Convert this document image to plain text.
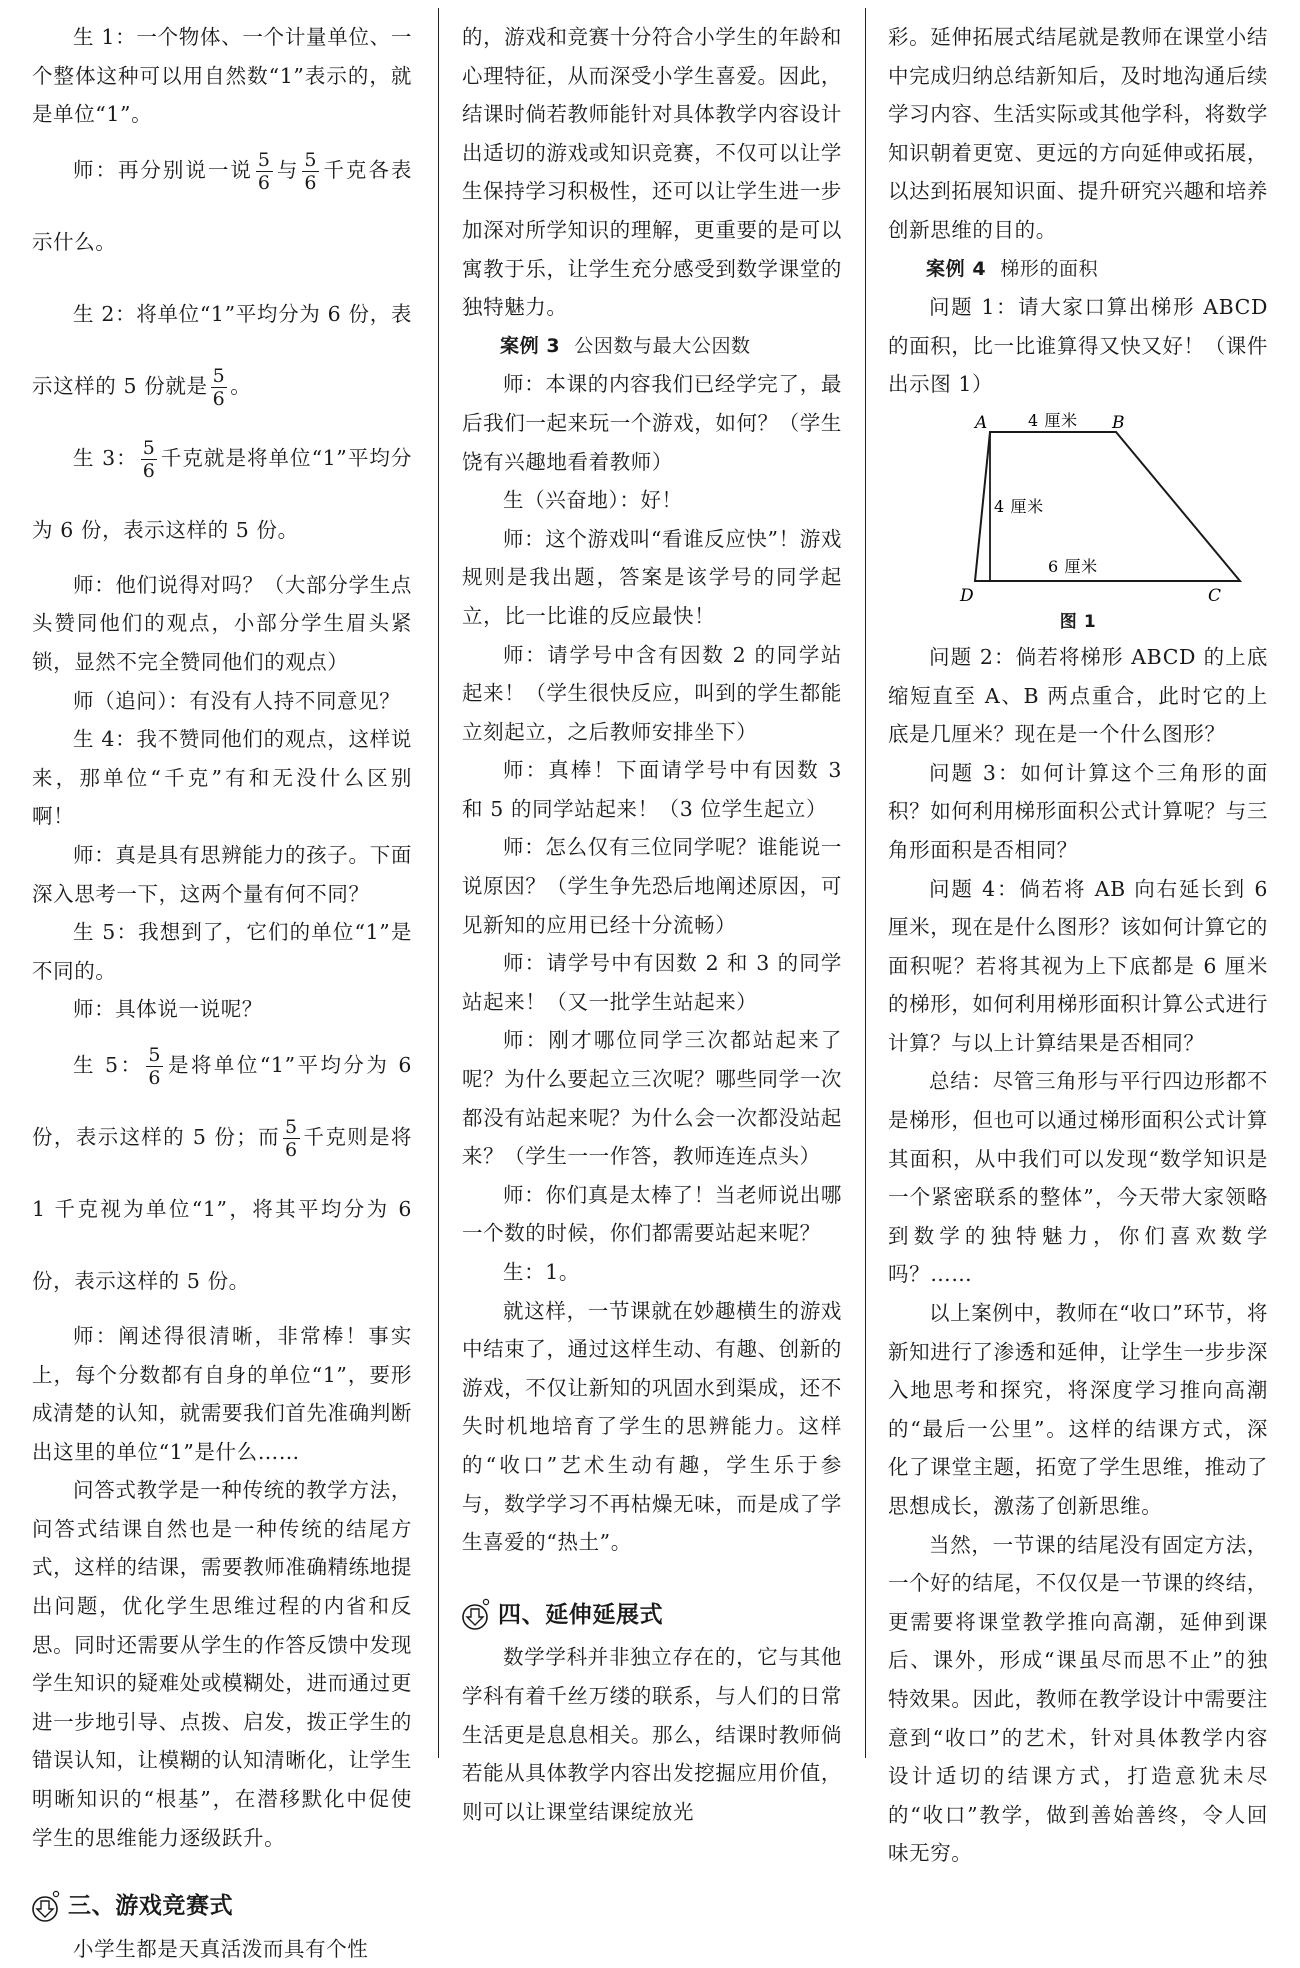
生 1：一个物体、一个计量单位、一个整体这种可以用自然数“1”表示的，就是单位“1”。

师：再分别说一说 $\frac{5}{6}$ 与 $\frac{5}{6}$ 千克各表示什么。

生 2：将单位“1”平均分为 6 份，表示这样的 5 份就是 $\frac{5}{6}$ 。

生 3： $\frac{5}{6}$ 千克就是将单位“1”平均分为 6 份，表示这样的 5 份。

师：他们说得对吗？（大部分学生点头赞同他们的观点，小部分学生眉头紧锁，显然不完全赞同他们的观点）

师（追问）：有没有人持不同意见？

生 4：我不赞同他们的观点，这样说来，那单位“千克”有和无没什么区别啊！

师：真是具有思辨能力的孩子。下面深入思考一下，这两个量有何不同？

生 5：我想到了，它们的单位“1”是不同的。

师：具体说一说呢？

生 5： $\frac{5}{6}$ 是将单位“1”平均分为 6 份，表示这样的 5 份；而 $\frac{5}{6}$ 千克则是将 1 千克视为单位“1”，将其平均分为 6 份，表示这样的 5 份。

师：阐述得很清晰，非常棒！事实上，每个分数都有自身的单位“1”，要形成清楚的认知，就需要我们首先准确判断出这里的单位“1”是什么……

问答式教学是一种传统的教学方法，问答式结课自然也是一种传统的结尾方式，这样的结课，需要教师准确精练地提出问题，优化学生思维过程的内省和反思。同时还需要从学生的作答反馈中发现学生知识的疑难处或模糊处，进而通过更进一步地引导、点拨、启发，拨正学生的错误认知，让模糊的认知清晰化，让学生明晰知识的“根基”，在潜移默化中促使学生的思维能力逐级跃升。

三、游戏竞赛式

小学生都是天真活泼而具有个性

的，游戏和竞赛十分符合小学生的年龄和心理特征，从而深受小学生喜爱。因此，结课时倘若教师能针对具体教学内容设计出适切的游戏或知识竞赛，不仅可以让学生保持学习积极性，还可以让学生进一步加深对所学知识的理解，更重要的是可以寓教于乐，让学生充分感受到数学课堂的独特魅力。

案例 3 公因数与最大公因数

师：本课的内容我们已经学完了，最后我们一起来玩一个游戏，如何？（学生饶有兴趣地看着教师）

生（兴奋地）：好！

师：这个游戏叫“看谁反应快”！游戏规则是我出题，答案是该学号的同学起立，比一比谁的反应最快！

师：请学号中含有因数 2 的同学站起来！（学生很快反应，叫到的学生都能立刻起立，之后教师安排坐下）

师：真棒！下面请学号中有因数 3 和 5 的同学站起来！（3 位学生起立）

师：怎么仅有三位同学呢？谁能说一说原因？（学生争先恐后地阐述原因，可见新知的应用已经十分流畅）

师：请学号中有因数 2 和 3 的同学站起来！（又一批学生站起来）

师：刚才哪位同学三次都站起来了呢？为什么要起立三次呢？哪些同学一次都没有站起来呢？为什么会一次都没站起来？（学生一一作答，教师连连点头）

师：你们真是太棒了！当老师说出哪一个数的时候，你们都需要站起来呢？

生：1。

就这样，一节课就在妙趣横生的游戏中结束了，通过这样生动、有趣、创新的游戏，不仅让新知的巩固水到渠成，还不失时机地培育了学生的思辨能力。这样的“收口”艺术生动有趣，学生乐于参与，数学学习不再枯燥无味，而是成了学生喜爱的“热土”。

四、延伸延展式

数学学科并非独立存在的，它与其他学科有着千丝万缕的联系，与人们的日常生活更是息息相关。那么，结课时教师倘若能从具体教学内容出发挖掘应用价值，则可以让课堂结课绽放光

彩。延伸拓展式结尾就是教师在课堂小结中完成归纳总结新知后，及时地沟通后续学习内容、生活实际或其他学科，将数学知识朝着更宽、更远的方向延伸或拓展，以达到拓展知识面、提升研究兴趣和培养创新思维的目的。

案例 4 梯形的面积

问题 1：请大家口算出梯形 ABCD 的面积，比一比谁算得又快又好！（课件出示图 1）

A	B
D	C
4 厘米
4 厘米
6 厘米
图 1

问题 2：倘若将梯形 ABCD 的上底缩短直至 A、B 两点重合，此时它的上底是几厘米？现在是一个什么图形？

问题 3：如何计算这个三角形的面积？如何利用梯形面积公式计算呢？与三角形面积是否相同？

问题 4：倘若将 AB 向右延长到 6 厘米，现在是什么图形？该如何计算它的面积呢？若将其视为上下底都是 6 厘米的梯形，如何利用梯形面积计算公式进行计算？与以上计算结果是否相同？

总结：尽管三角形与平行四边形都不是梯形，但也可以通过梯形面积公式计算其面积，从中我们可以发现“数学知识是一个紧密联系的整体”，今天带大家领略到数学的独特魅力，你们喜欢数学吗？……

以上案例中，教师在“收口”环节，将新知进行了渗透和延伸，让学生一步步深入地思考和探究，将深度学习推向高潮的“最后一公里”。这样的结课方式，深化了课堂主题，拓宽了学生思维，推动了思想成长，激荡了创新思维。

当然，一节课的结尾没有固定方法，一个好的结尾，不仅仅是一节课的终结，更需要将课堂教学推向高潮，延伸到课后、课外，形成“课虽尽而思不止”的独特效果。因此，教师在教学设计中需要注意到“收口”的艺术，针对具体教学内容设计适切的结课方式，打造意犹未尽的“收口”教学，做到善始善终，令人回味无穷。
